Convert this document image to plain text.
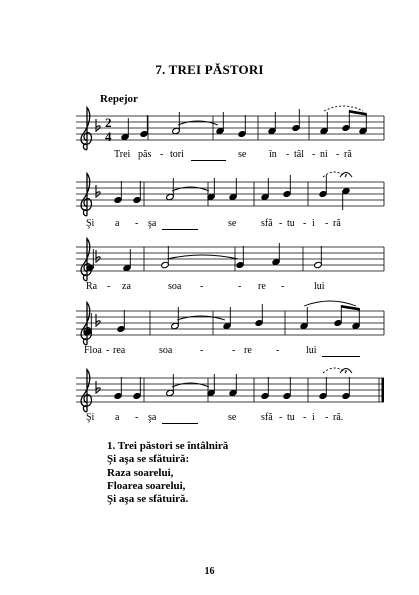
7. TREI PĂSTORI
Repejor
2
4
Trei păs - tori	se în - tâl - ni - ră
Şi a - şa	se sfă - tu - i - ră
Ra - za	soa -	- re -	lui
Floa - rea	soa	-	- re -	lui
Şi a - şa	se sfă - tu - i - ră.
1. Trei păstori se întâlniră
Şi aşa se sfătuiră:
Raza soarelui,
Floarea soarelui,
Şi aşa se sfătuiră.
16
